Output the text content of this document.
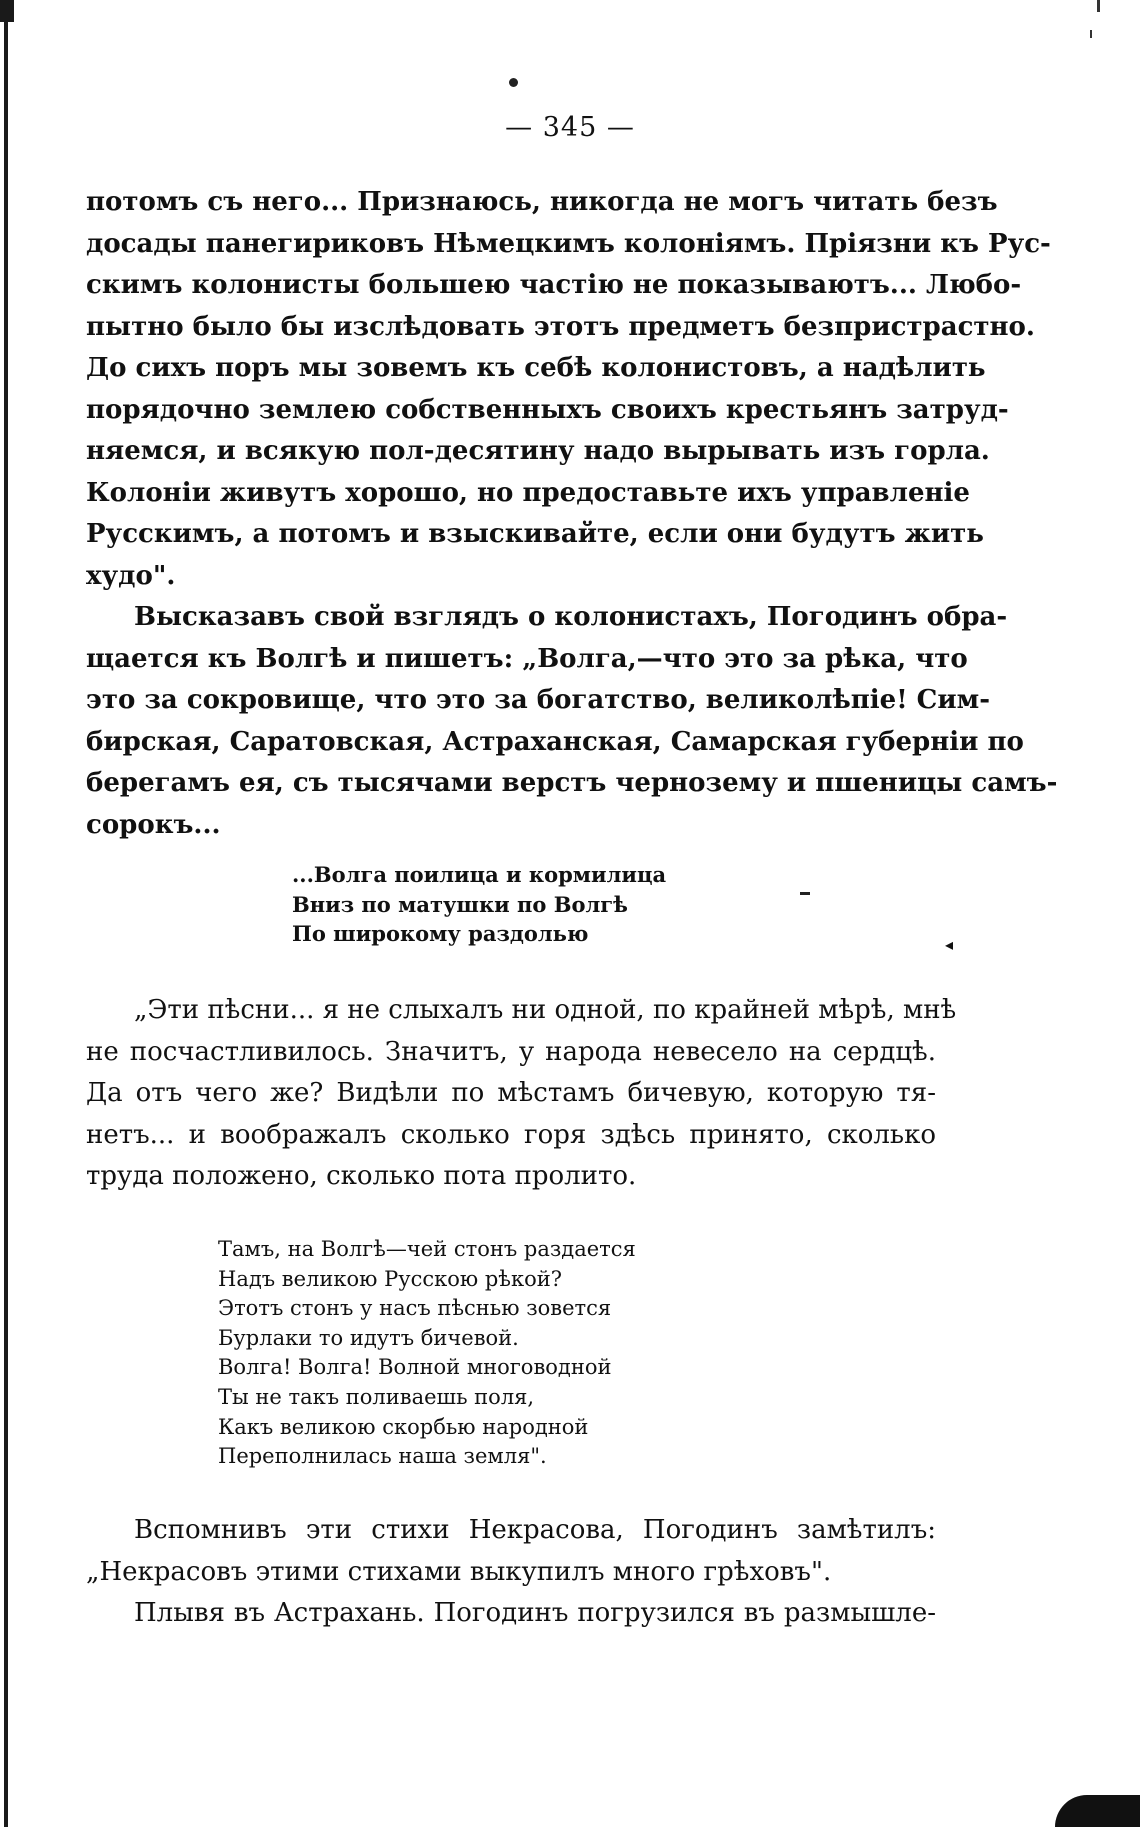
— 345 —
потомъ съ него... Признаюсь, никогда не могъ читать безъ
досады панегириковъ Нѣмецкимъ колоніямъ. Пріязни къ Рус-
скимъ колонисты большею частію не показываютъ... Любо-
пытно было бы изслѣдовать этотъ предметъ безпристрастно.
До сихъ поръ мы зовемъ къ себѣ колонистовъ, а надѣлить
порядочно землею собственныхъ своихъ крестьянъ затруд-
няемся, и всякую пол-десятину надо вырывать изъ горла.
Колоніи живутъ хорошо, но предоставьте ихъ управленіе
Русскимъ, а потомъ и взыскивайте, если они будутъ жить
худо".
Высказавъ свой взглядъ о колонистахъ, Погодинъ обра-
щается къ Волгѣ и пишетъ: „Волга,—что это за рѣка, что
это за сокровище, что это за богатство, великолѣпіе! Сим-
бирская, Саратовская, Астраханская, Самарская губерніи по
берегамъ ея, съ тысячами верстъ чернозему и пшеницы самъ-
сорокъ...
...Волга поилица и кормилица
Вниз по матушки по Волгѣ
По широкому раздолью	◂
„Эти пѣсни... я не слыхалъ ни одной, по крайней мѣрѣ, мнѣ
не посчастливилось. Значитъ, у народа невесело на сердцѣ.
Да отъ чего же? Видѣли по мѣстамъ бичевую, которую тя-
нетъ... и воображалъ сколько горя здѣсь принято, сколько
труда положено, сколько пота пролито.
Тамъ, на Волгѣ—чей стонъ раздается
Надъ великою Русскою рѣкой?
Этотъ стонъ у насъ пѣснью зовется
Бурлаки то идутъ бичевой.
Волга! Волга! Волной многоводной
Ты не такъ поливаешь поля,
Какъ великою скорбью народной
Переполнилась наша земля".
Вспомнивъ эти стихи Некрасова, Погодинъ замѣтилъ:
„Некрасовъ этими стихами выкупилъ много грѣховъ".
Плывя въ Астрахань. Погодинъ погрузился въ размышле-
